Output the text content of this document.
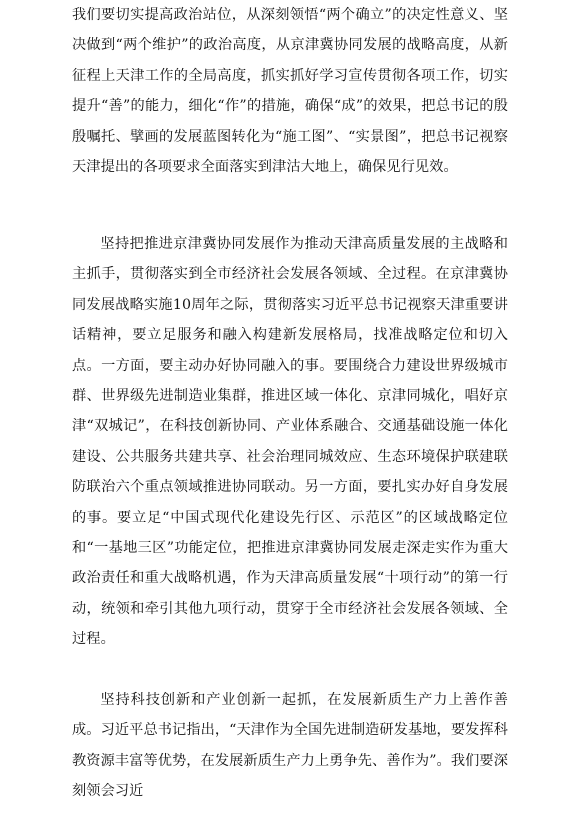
我们要切实提高政治站位，从深刻领悟“两个确立”的决定性意义、坚决做到“两个维护”的政治高度，从京津冀协同发展的战略高度，从新征程上天津工作的全局高度，抓实抓好学习宣传贯彻各项工作，切实提升“善”的能力，细化“作”的措施，确保“成”的效果，把总书记的殷殷嘱托、擘画的发展蓝图转化为“施工图”、“实景图”，把总书记视察天津提出的各项要求全面落实到津沽大地上，确保见行见效。

坚持把推进京津冀协同发展作为推动天津高质量发展的主战略和主抓手，贯彻落实到全市经济社会发展各领域、全过程。在京津冀协同发展战略实施10周年之际，贯彻落实习近平总书记视察天津重要讲话精神，要立足服务和融入构建新发展格局，找准战略定位和切入点。一方面，要主动办好协同融入的事。要围绕合力建设世界级城市群、世界级先进制造业集群，推进区域一体化、京津同城化，唱好京津“双城记”，在科技创新协同、产业体系融合、交通基础设施一体化建设、公共服务共建共享、社会治理同城效应、生态环境保护联建联防联治六个重点领域推进协同联动。另一方面，要扎实办好自身发展的事。要立足“中国式现代化建设先行区、示范区”的区域战略定位和“一基地三区”功能定位，把推进京津冀协同发展走深走实作为重大政治责任和重大战略机遇，作为天津高质量发展“十项行动”的第一行动，统领和牵引其他九项行动，贯穿于全市经济社会发展各领域、全过程。

坚持科技创新和产业创新一起抓，在发展新质生产力上善作善成。习近平总书记指出，“天津作为全国先进制造研发基地，要发挥科教资源丰富等优势，在发展新质生产力上勇争先、善作为”。我们要深刻领会习近
